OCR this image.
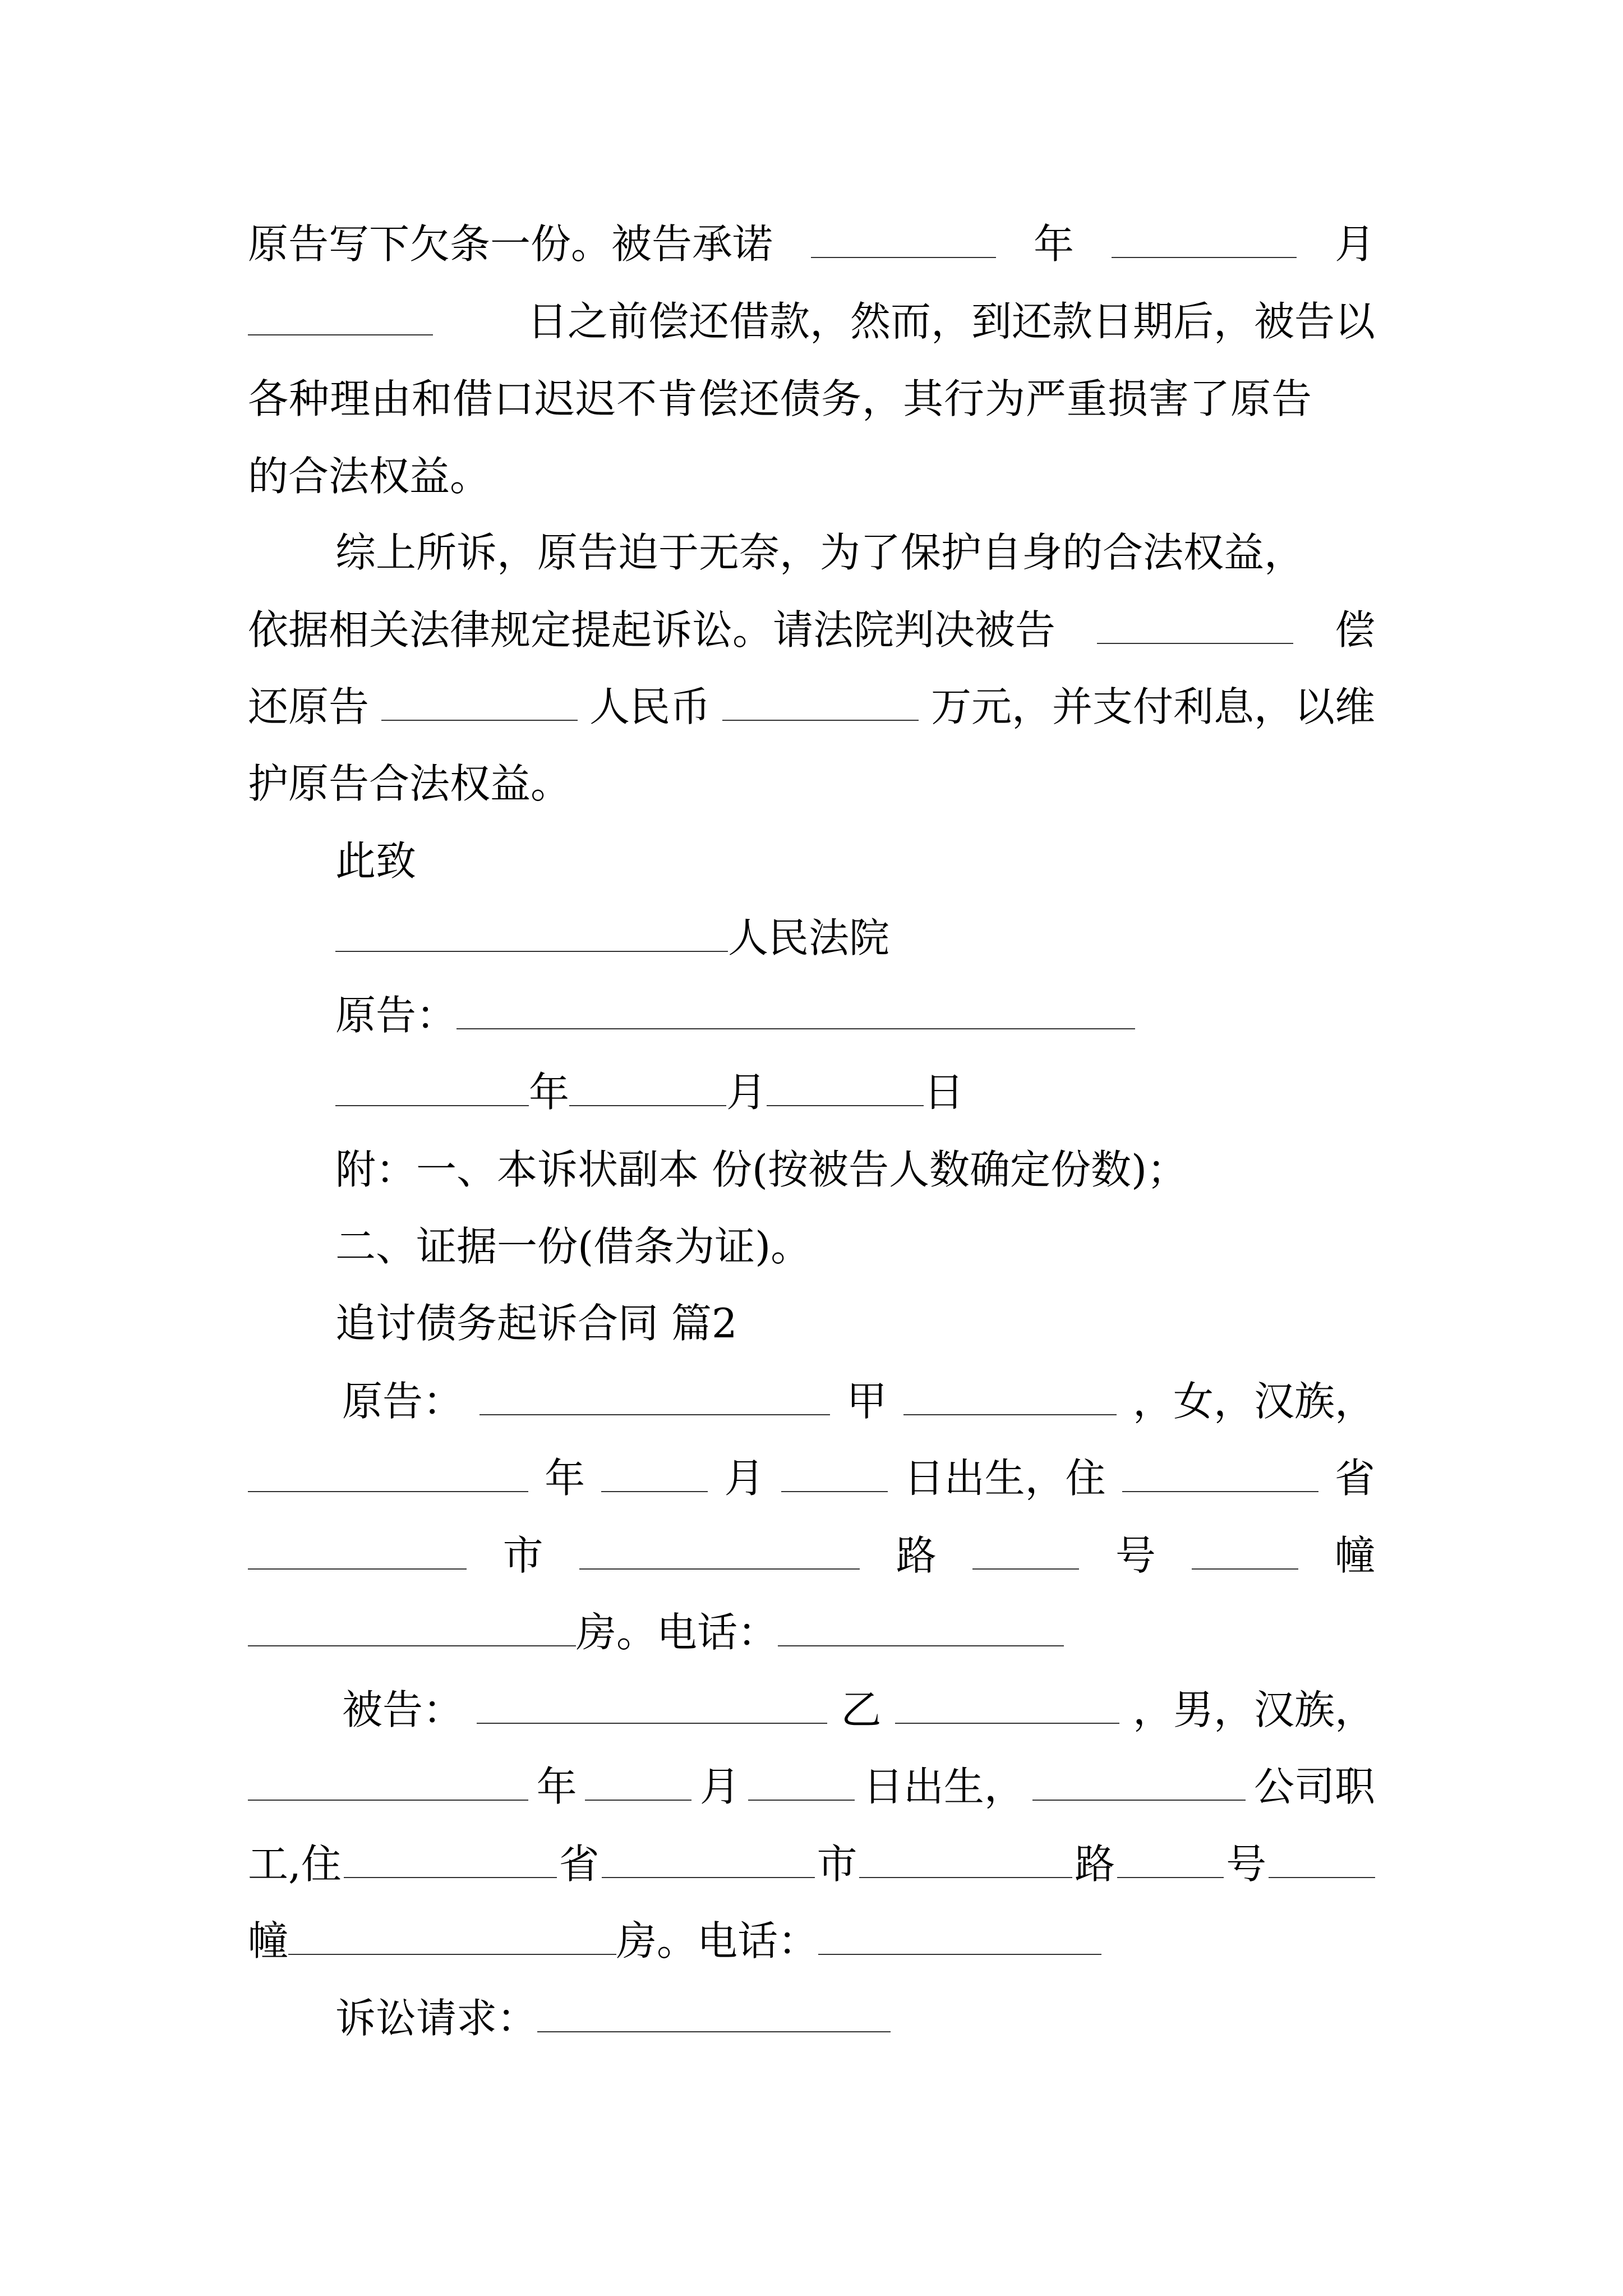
原告写下欠条一份。被告承诺	年	月
日之前偿还借款，然而，到还款日期后，被告以
各种理由和借口迟迟不肯偿还债务，其行为严重损害了原告
的合法权益。
综上所诉，原告迫于无奈，为了保护自身的合法权益，
依据相关法律规定提起诉讼。请法院判决被告	偿
还原告	人民币	万元，并支付利息，以维
护原告合法权益。
此致
人民法院
原告：
年	月	日
附：一、本诉状副本 份(按被告人数确定份数)；
二、证据一份(借条为证)。
追讨债务起诉合同 篇2
原告：	甲	，女，汉族，
年	月	日出生，住	省
市	路	号	幢
房。电话：
被告：	乙	，男，汉族，
年	月	日出生，	公司职
工,住	省	市	路	号
幢	房。电话：
诉讼请求：
